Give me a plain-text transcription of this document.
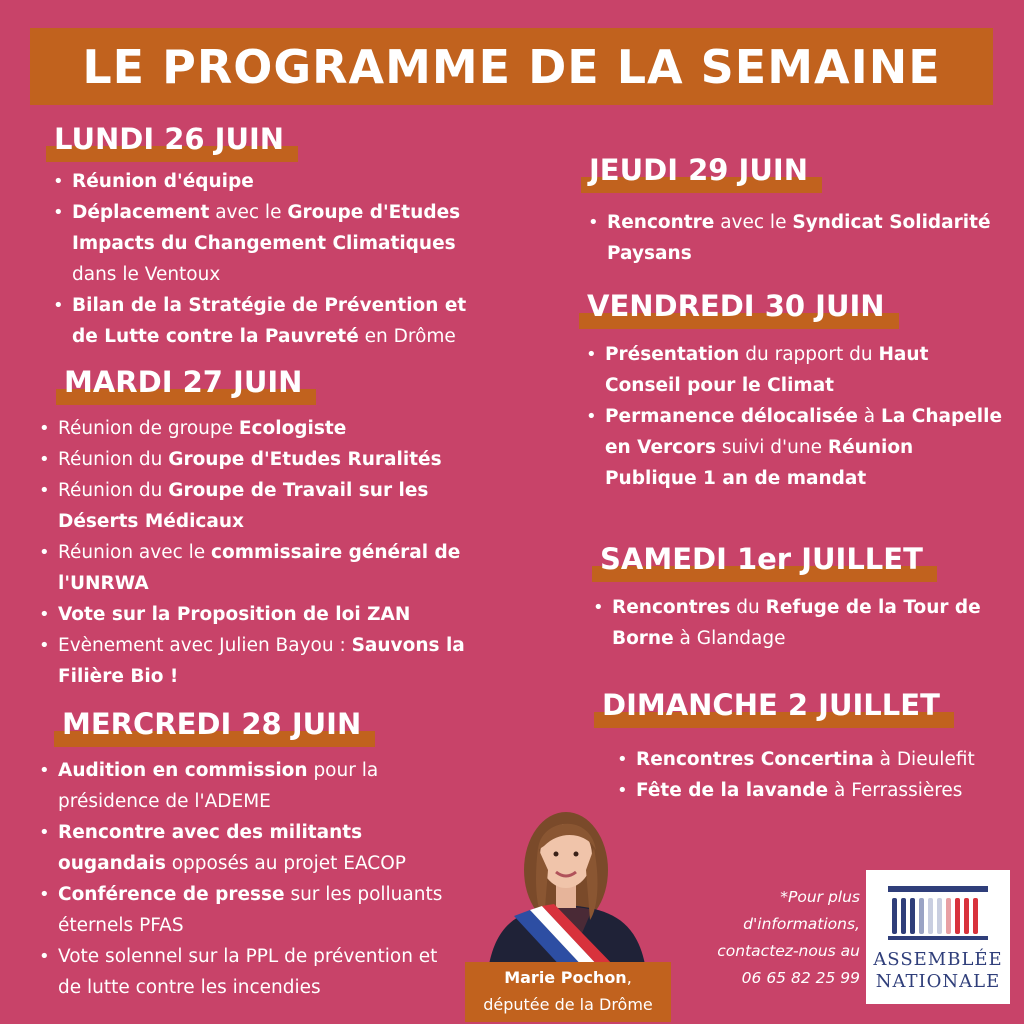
LE PROGRAMME DE LA SEMAINE
LUNDI 26 JUIN
• Réunion d'équipe
• Déplacement avec le Groupe d'Etudes Impacts du Changement Climatiques dans le Ventoux
• Bilan de la Stratégie de Prévention et de Lutte contre la Pauvreté en Drôme
MARDI 27 JUIN
• Réunion de groupe Ecologiste
• Réunion du Groupe d'Etudes Ruralités
• Réunion du Groupe de Travail sur les Déserts Médicaux
• Réunion avec le commissaire général de l'UNRWA
• Vote sur la Proposition de loi ZAN
• Evènement avec Julien Bayou : Sauvons la Filière Bio !
MERCREDI 28 JUIN
• Audition en commission pour la présidence de l'ADEME
• Rencontre avec des militants ougandais opposés au projet EACOP
• Conférence de presse sur les polluants éternels PFAS
• Vote solennel sur la PPL de prévention et de lutte contre les incendies
JEUDI 29 JUIN
• Rencontre avec le Syndicat Solidarité Paysans
VENDREDI 30 JUIN
• Présentation du rapport du Haut Conseil pour le Climat
• Permanence délocalisée à La Chapelle en Vercors suivi d'une Réunion Publique 1 an de mandat
SAMEDI 1er JUILLET
• Rencontres du Refuge de la Tour de Borne à Glandage
DIMANCHE 2 JUILLET
• Rencontres Concertina à Dieulefit
• Fête de la lavande à Ferrassières
Marie Pochon,
députée de la Drôme
*Pour plus
d'informations,
contactez-nous au
06 65 82 25 99
ASSEMBLÉE
NATIONALE
